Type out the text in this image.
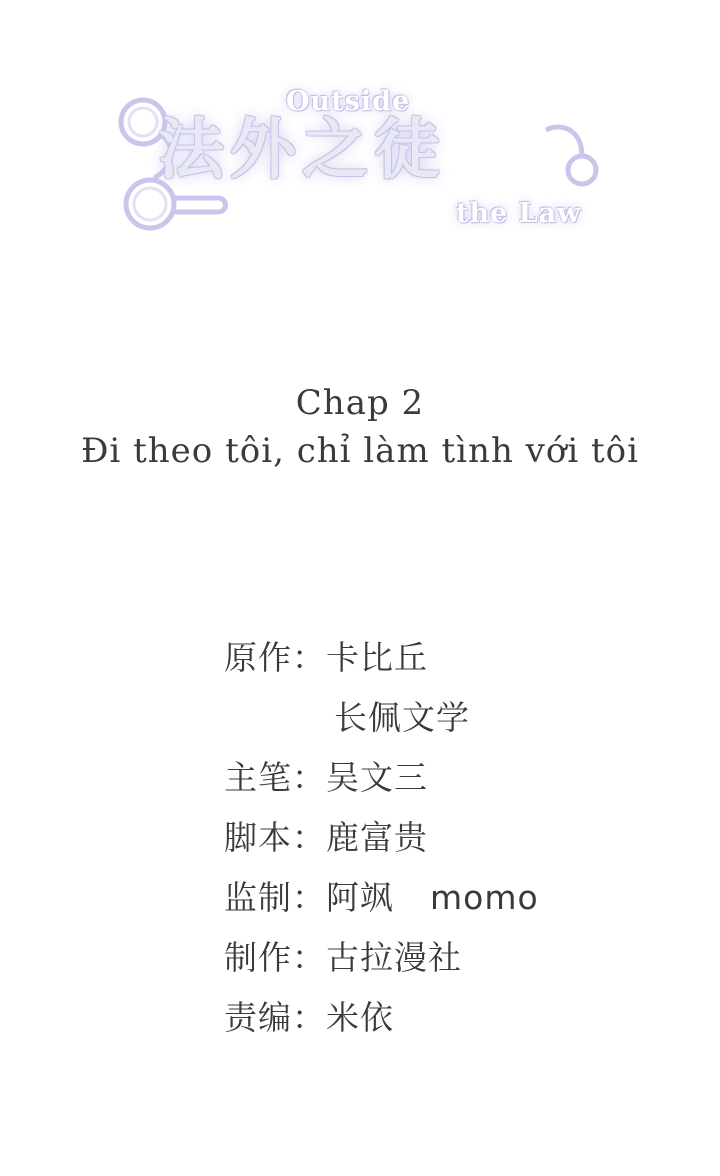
法外之徒
Outside
the Law
Chap 2
Đi theo tôi, chỉ làm tình với tôi
原作： 卡比丘
长佩文学
主笔： 吴文三
脚本： 鹿富贵
监制： 阿飒 momo
制作： 古拉漫社
责编： 米依
